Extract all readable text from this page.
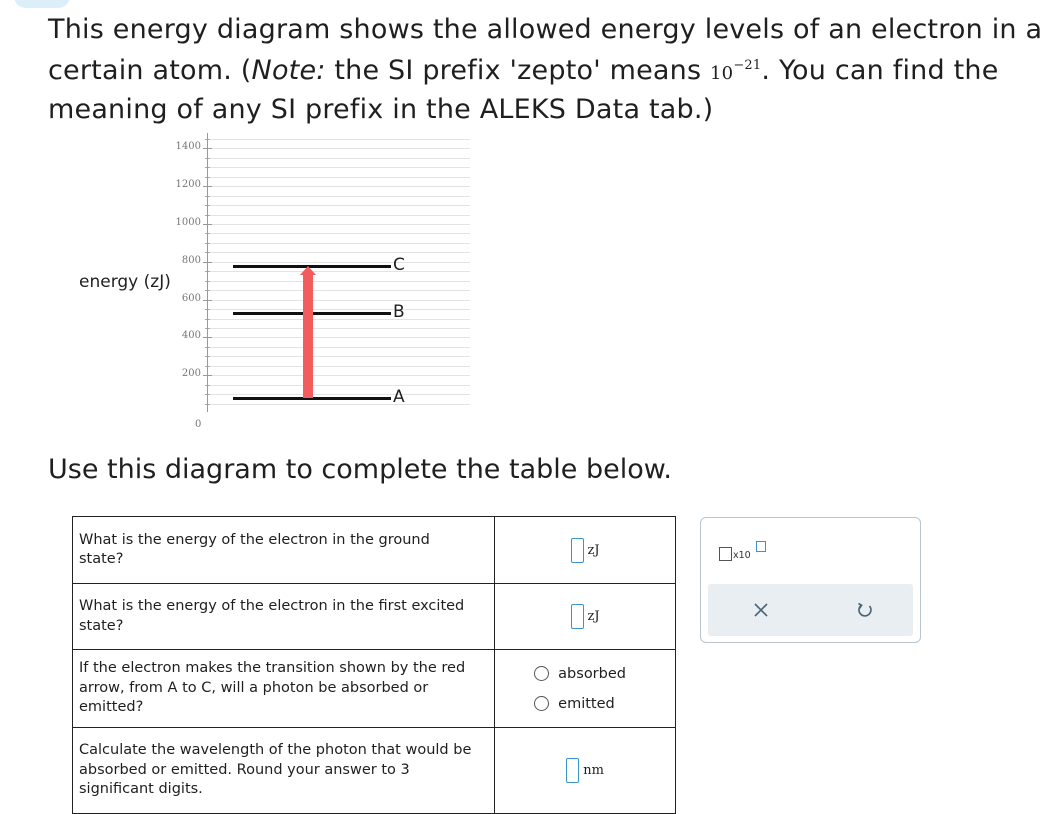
This energy diagram shows the allowed energy levels of an electron in a
certain atom. (Note: the SI prefix 'zepto' means $10^{-21}$. You can find the
meaning of any SI prefix in the ALEKS Data tab.)
energy (zJ)
1400
1200
1000
800
600
400
200
0
C
B
A
Use this diagram to complete the table below.
What is the energy of the electron in the ground state?	zJ
What is the energy of the electron in the first excited state?	zJ
If the electron makes the transition shown by the red arrow, from A to C, will a photon be absorbed or emitted?	absorbed
emitted

Calculate the wavelength of the photon that would be absorbed or emitted. Round your answer to 3 significant digits.	nm
x10
